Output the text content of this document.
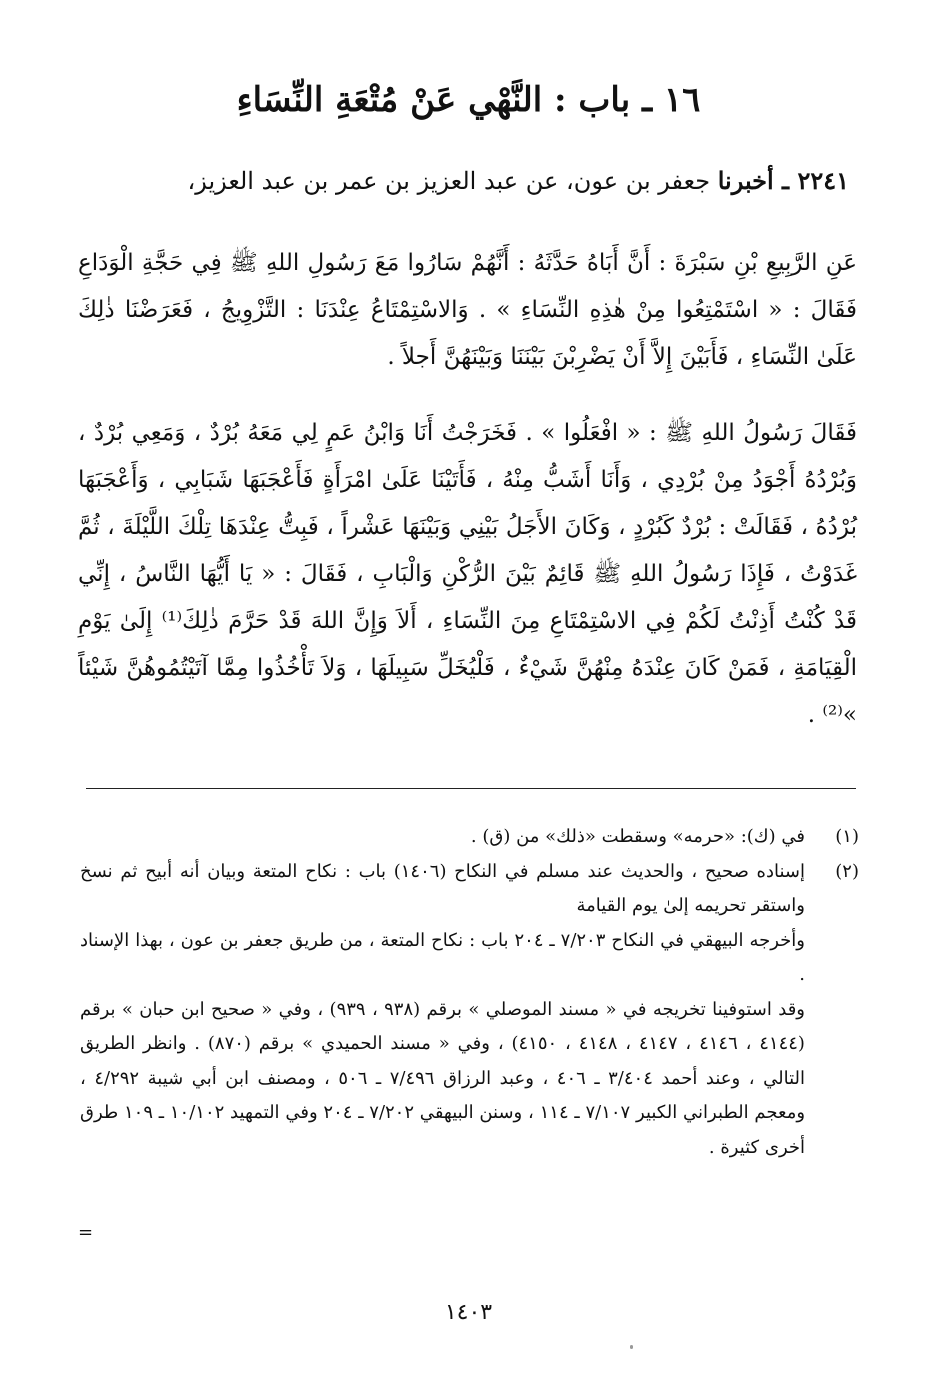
١٦ ـ باب : النَّهْي عَنْ مُتْعَةِ النِّسَاءِ
٢٢٤١ ـ أخبرنا جعفر بن عون، عن عبد العزيز بن عمر بن عبد العزيز،
عَنِ الرَّبِيعِ بْنِ سَبْرَةَ : أَنَّ أَبَاهُ حَدَّثَهُ : أَنَّهُمْ سَارُوا مَعَ رَسُولِ اللهِ ﷺ فِي حَجَّةِ الْوَدَاعِ فَقَالَ : « اسْتَمْتِعُوا مِنْ هٰذِهِ النِّسَاءِ » . وَالاسْتِمْتَاعُ عِنْدَنَا : التَّزْوِيجُ ، فَعَرَضْنَا ذٰلِكَ عَلَىٰ النِّسَاءِ ، فَأَبَيْنَ إِلاَّ أَنْ يَضْرِبْنَ بَيْنَنَا وَبَيْنَهُنَّ أَجلاً .
فَقَالَ رَسُولُ اللهِ ﷺ : « افْعَلُوا » . فَخَرَجْتُ أَنَا وَابْنُ عَمٍ لِي مَعَهُ بُرْدٌ ، وَمَعِي بُرْدٌ ، وَبُرْدُهُ أَجْوَدُ مِنْ بُرْدِي ، وَأَنَا أَشَبُّ مِنْهُ ، فَأَتَيْنَا عَلَىٰ امْرَأَةٍ فَأَعْجَبَهَا شَبَابِي ، وَأَعْجَبَهَا بُرْدُهُ ، فَقَالَتْ : بُرْدٌ كَبُرْدٍ ، وَكَانَ الأَجَلُ بَيْنِي وَبَيْنَهَا عَشْراً ، فَبِتُّ عِنْدَهَا تِلْكَ اللَّيْلَةَ ، ثُمَّ غَدَوْتُ ، فَإِذَا رَسُولُ اللهِ ﷺ قَائِمٌ بَيْنَ الرُّكْنِ وَالْبَابِ ، فَقَالَ : « يَا أَيُّهَا النَّاسُ ، إِنِّي قَدْ كُنْتُ أَذِنْتُ لَكُمْ فِي الاسْتِمْتَاعِ مِنَ النِّسَاءِ ، أَلاَ وَإِنَّ اللهَ قَدْ حَرَّمَ ذٰلِكَ⁽¹⁾ إِلَىٰ يَوْمِ الْقِيَامَةِ ، فَمَنْ كَانَ عِنْدَهُ مِنْهُنَّ شَيْءٌ ، فَلْيُخَلِّ سَبِيلَهَا ، وَلاَ تَأْخُذُوا مِمَّا آتَيْتُمُوهُنَّ شَيْئاً »⁽²⁾ .
(١)
في (ك): «حرمه» وسقطت «ذلك» من (ق) .
(٢)
إسناده صحيح ، والحديث عند مسلم في النكاح (١٤٠٦) باب : نكاح المتعة وبيان أنه أبيح ثم نسخ واستقر تحريمه إلىٰ يوم القيامة
وأخرجه البيهقي في النكاح ٧/٢٠٣ ـ ٢٠٤ باب : نكاح المتعة ، من طريق جعفر بن عون ، بهذا الإسناد .
وقد استوفينا تخريجه في « مسند الموصلي » برقم (٩٣٨ ، ٩٣٩) ، وفي « صحيح ابن حبان » برقم (٤١٤٤ ، ٤١٤٦ ، ٤١٤٧ ، ٤١٤٨ ، ٤١٥٠) ، وفي « مسند الحميدي » برقم (٨٧٠) . وانظر الطريق التالي ، وعند أحمد ٣/٤٠٤ ـ ٤٠٦ ، وعبد الرزاق ٧/٤٩٦ ـ ٥٠٦ ، ومصنف ابن أبي شيبة ٤/٢٩٢ ، ومعجم الطبراني الكبير ٧/١٠٧ ـ ١١٤ ، وسنن البيهقي ٧/٢٠٢ ـ ٢٠٤ وفي التمهيد ١٠/١٠٢ ـ ١٠٩ طرق أخرى كثيرة .
=
١٤٠٣
